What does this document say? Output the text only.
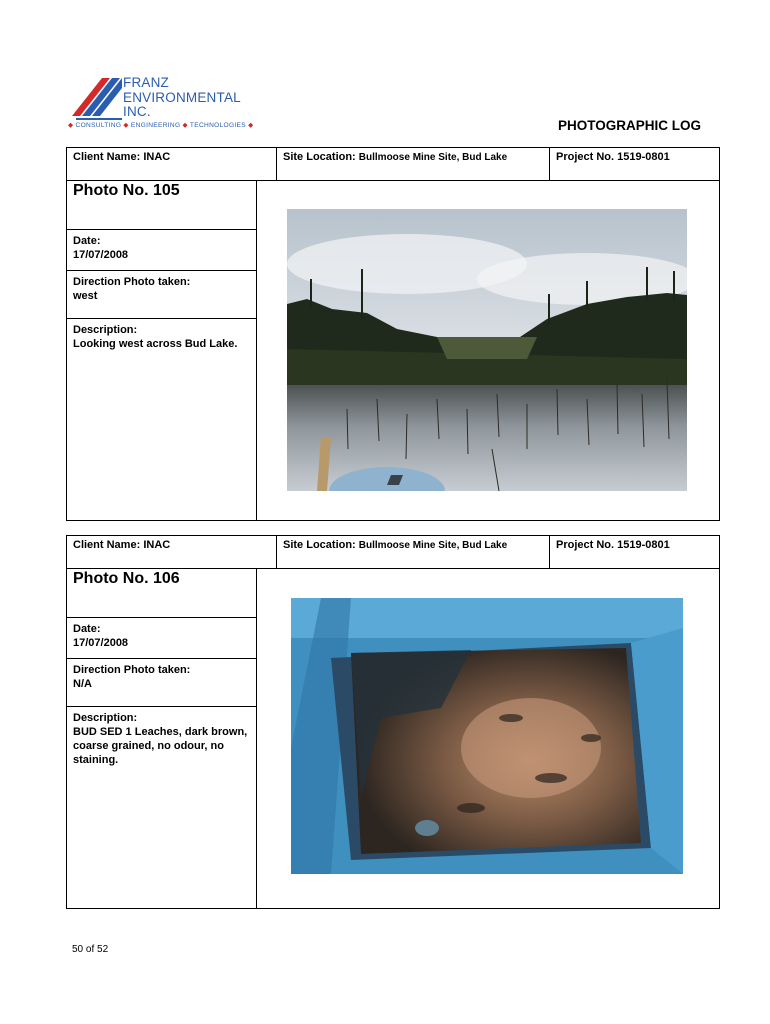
FRANZ
ENVIRONMENTAL
INC.
◆ CONSULTING ◆ ENGINEERING ◆ TECHNOLOGIES ◆	PHOTOGRAPHIC LOG
Client Name: INAC	Site Location: Bullmoose Mine Site, Bud Lake	Project No. 1519-0801
Photo No. 105
Date:
17/07/2008
Direction Photo taken:
west
Description:
Looking west across Bud Lake.
Client Name: INAC	Site Location: Bullmoose Mine Site, Bud Lake	Project No. 1519-0801
Photo No. 106
Date:
17/07/2008
Direction Photo taken:
N/A
Description:
BUD SED 1 Leaches, dark brown, coarse grained, no odour, no staining.
50 of 52
